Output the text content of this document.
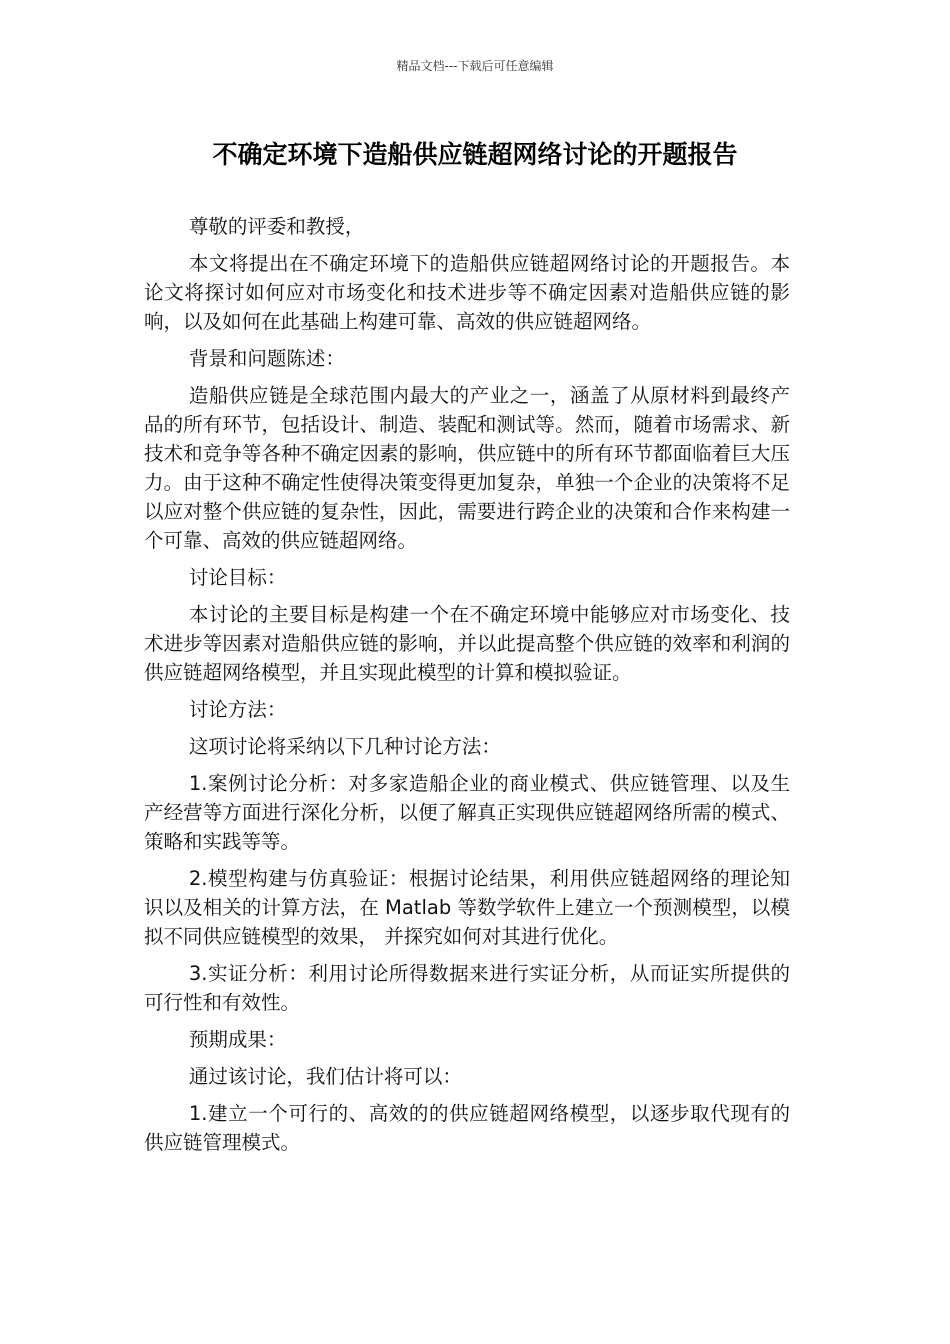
精品文档---下载后可任意编辑
不确定环境下造船供应链超网络讨论的开题报告

尊敬的评委和教授，

本文将提出在不确定环境下的造船供应链超网络讨论的开题报告。本论文将探讨如何应对市场变化和技术进步等不确定因素对造船供应链的影响，以及如何在此基础上构建可靠、高效的供应链超网络。

背景和问题陈述：

造船供应链是全球范围内最大的产业之一，涵盖了从原材料到最终产品的所有环节，包括设计、制造、装配和测试等。然而，随着市场需求、新技术和竞争等各种不确定因素的影响，供应链中的所有环节都面临着巨大压力。由于这种不确定性使得决策变得更加复杂，单独一个企业的决策将不足以应对整个供应链的复杂性，因此，需要进行跨企业的决策和合作来构建一个可靠、高效的供应链超网络。

讨论目标：

本讨论的主要目标是构建一个在不确定环境中能够应对市场变化、技术进步等因素对造船供应链的影响，并以此提高整个供应链的效率和利润的供应链超网络模型，并且实现此模型的计算和模拟验证。

讨论方法：

这项讨论将采纳以下几种讨论方法：

1.案例讨论分析：对多家造船企业的商业模式、供应链管理、以及生产经营等方面进行深化分析，以便了解真正实现供应链超网络所需的模式、策略和实践等等。

2.模型构建与仿真验证：根据讨论结果，利用供应链超网络的理论知识以及相关的计算方法，在 Matlab 等数学软件上建立一个预测模型，以模拟不同供应链模型的效果， 并探究如何对其进行优化。

3.实证分析：利用讨论所得数据来进行实证分析，从而证实所提供的可行性和有效性。

预期成果：

通过该讨论，我们估计将可以：

1.建立一个可行的、高效的的供应链超网络模型，以逐步取代现有的供应链管理模式。
